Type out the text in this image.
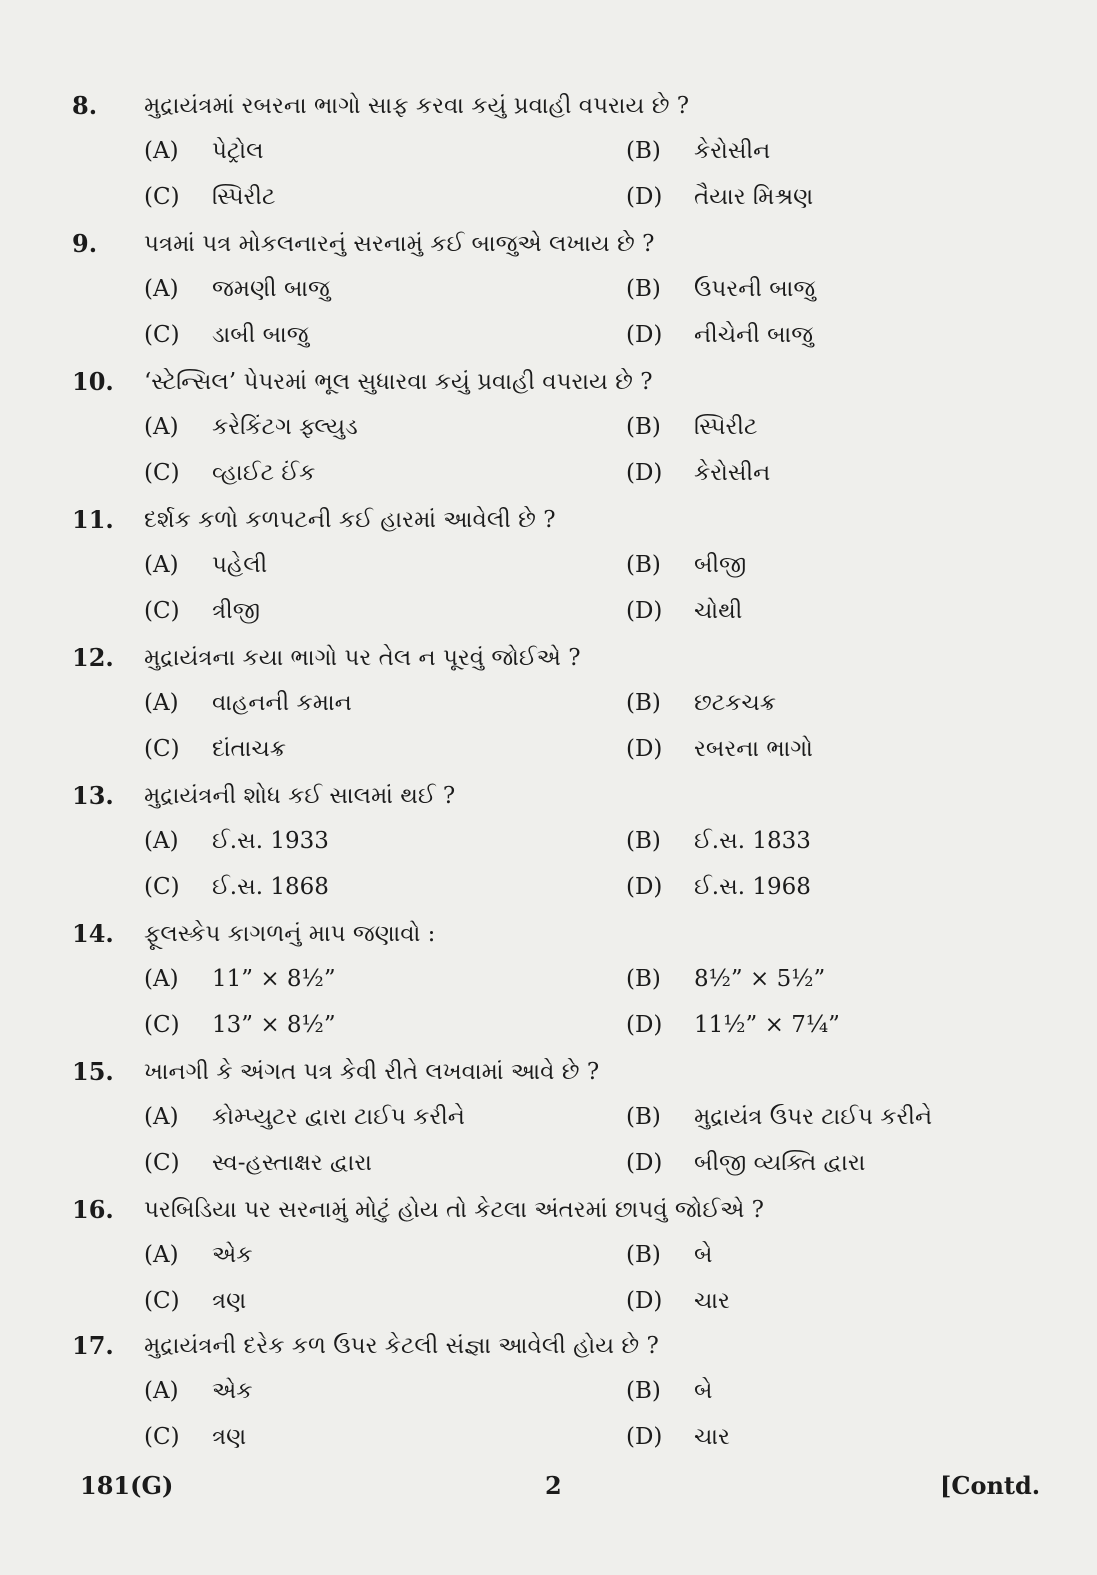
8. મુદ્રાયંત્રમાં રબરના ભાગો સાફ કરવા કયું પ્રવાહી વપરાય છે ?
(A) પેટ્રોલ	(B) કેરોસીન
(C) સ્પિરીટ	(D) તૈયાર મિશ્રણ
9. પત્રમાં પત્ર મોકલનારનું સરનામું કઈ બાજુએ લખાય છે ?
(A) જમણી બાજુ	(B) ઉપરની બાજુ
(C) ડાબી બાજુ	(D) નીચેની બાજુ
10. ‘સ્ટેન્સિલ’ પેપરમાં ભૂલ સુધારવા કયું પ્રવાહી વપરાય છે ?
(A) કરેકિંટગ ફ્લ્યુડ	(B) સ્પિરીટ
(C) વ્હાઈટ ઈંક	(D) કેરોસીન
11. દર્શક કળો કળપટની કઈ હારમાં આવેલી છે ?
(A) પહેલી	(B) બીજી
(C) ત્રીજી	(D) ચોથી
12. મુદ્રાયંત્રના કયા ભાગો પર તેલ ન પૂરવું જોઈએ ?
(A) વાહનની કમાન	(B) છટકચક્ર
(C) દાંતાચક્ર	(D) રબરના ભાગો
13. મુદ્રાયંત્રની શોધ કઈ સાલમાં થઈ ?
(A) ઈ.સ. 1933	(B) ઈ.સ. 1833
(C) ઈ.સ. 1868	(D) ઈ.સ. 1968
14. ફૂલસ્કેપ કાગળનું માપ જણાવો :
(A) 11” × 8½”	(B) 8½” × 5½”
(C) 13” × 8½”	(D) 11½” × 7¼”
15. ખાનગી કે અંગત પત્ર કેવી રીતે લખવામાં આવે છે ?
(A) કોમ્પ્યુટર દ્વારા ટાઈપ કરીને	(B) મુદ્રાયંત્ર ઉપર ટાઈપ કરીને
(C) સ્વ-હસ્તાક્ષર દ્વારા	(D) બીજી વ્યક્તિ દ્વારા
16. પરબિડિયા પર સરનામું મોટું હોય તો કેટલા અંતરમાં છાપવું જોઈએ ?
(A) એક	(B) બે
(C) ત્રણ	(D) ચાર
17. મુદ્રાયંત્રની દરેક કળ ઉપર કેટલી સંજ્ઞા આવેલી હોય છે ?
(A) એક	(B) બે
(C) ત્રણ	(D) ચાર
181(G)	2	[Contd.
